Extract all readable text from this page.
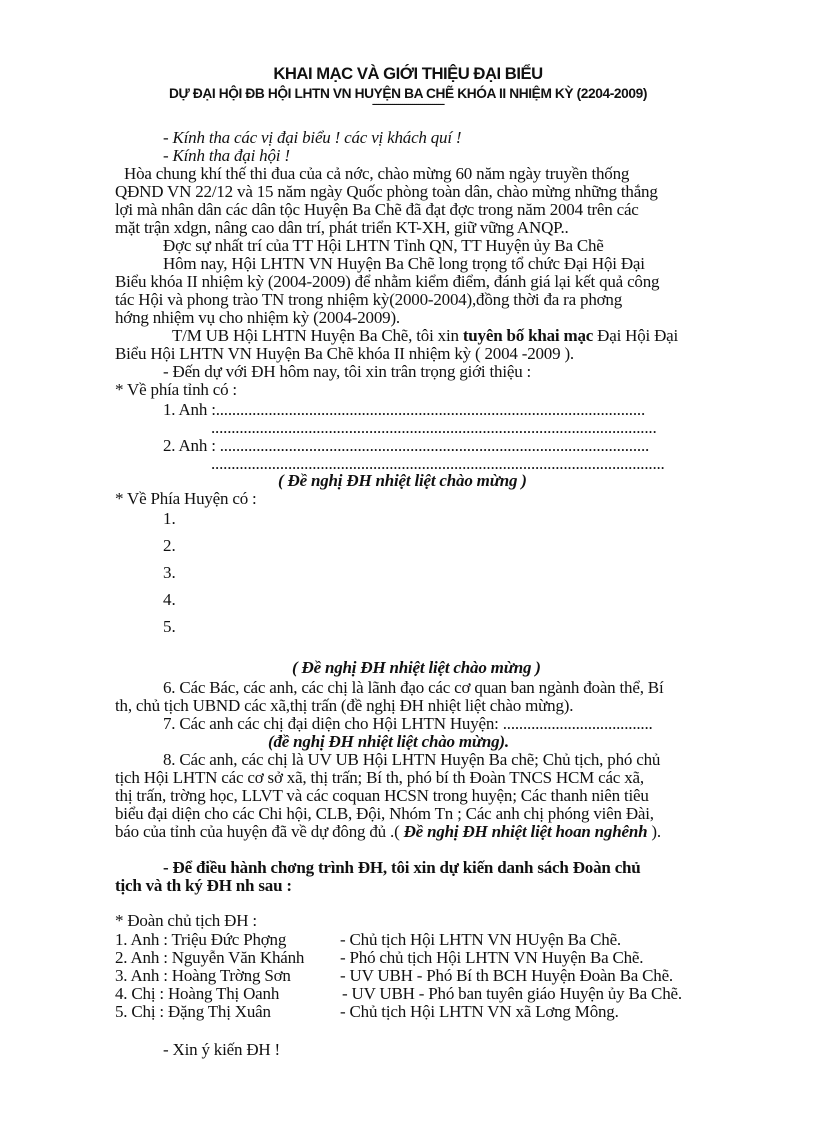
KHAI MẠC VÀ GIỚI THIỆU ĐẠI BIỂU
DỰ ĐẠI HỘI ĐB HỘI LHTN VN HUYỆN BA CHẼ KHÓA II NHIỆM KỲ (2204-2009)
------------------------------------
- Kính tha các vị đại biểu ! các vị khách quí !
- Kính tha đại hội !
Hòa chung khí thế thi đua của cả nớc, chào mừng 60 năm ngày truyền thống
QĐND VN 22/12 và 15 năm ngày Quốc phòng toàn dân, chào mừng những thắng
lợi mà nhân dân các dân tộc Huyện Ba Chẽ đã đạt đợc trong năm 2004 trên các
mặt trận xdgn, nâng cao dân trí, phát triển KT-XH, giữ vững ANQP..
Đợc sự nhất trí của TT Hội LHTN Tỉnh QN, TT Huyện ủy Ba Chẽ
Hôm nay, Hội LHTN VN Huyện Ba Chẽ long trọng tổ chức Đại Hội Đại
Biểu khóa II nhiệm kỳ (2004-2009) để nhằm kiểm điểm, đánh giá lại kết quả công
tác Hội và phong trào TN trong nhiệm kỳ(2000-2004),đồng thời đa ra phơng
hớng nhiệm vụ cho nhiệm kỳ (2004-2009).
T/M UB Hội LHTN Huyện Ba Chẽ, tôi xin tuyên bố khai mạc Đại Hội Đại
Biểu Hội LHTN VN Huyện Ba Chẽ khóa II nhiệm kỳ ( 2004 -2009 ).
- Đến dự với ĐH hôm nay, tôi xin trân trọng giới thiệu :
* Về phía tỉnh có :
1. Anh :..........................................................................................................
..............................................................................................................
2. Anh : ..........................................................................................................
................................................................................................................
( Đề nghị ĐH nhiệt liệt chào mừng )
* Về Phía Huyện có :
1.
2.
3.
4.
5.
( Đề nghị ĐH nhiệt liệt chào mừng )
6. Các Bác, các anh, các chị là lãnh đạo các cơ quan ban ngành đoàn thể, Bí
th, chủ tịch UBND các xã,thị trấn (đề nghị ĐH nhiệt liệt chào mừng).
7. Các anh các chị đại diện cho Hội LHTN Huyện: .....................................
(đề nghị ĐH nhiệt liệt chào mừng).
8. Các anh, các chị là UV UB Hội LHTN Huyện Ba chẽ; Chủ tịch, phó chủ
tịch Hội LHTN các cơ sở xã, thị trấn; Bí th, phó bí th Đoàn TNCS HCM các xã,
thị trấn, trờng học, LLVT và các coquan HCSN trong huyện; Các thanh niên tiêu
biểu đại diện cho các Chi hội, CLB, Đội, Nhóm Tn ; Các anh chị phóng viên Đài,
báo của tỉnh của huyện đã về dự đông đủ .( Đề nghị ĐH nhiệt liệt hoan nghênh ).
- Để điều hành chơng trình ĐH, tôi xin dự kiến danh sách Đoàn chủ
tịch và th ký ĐH nh sau :
* Đoàn chủ tịch ĐH :
1. Anh : Triệu Đức Phợng	- Chủ tịch Hội LHTN VN HUyện Ba Chẽ.
2. Anh : Nguyễn Văn Khánh - Phó chủ tịch Hội LHTN VN Huyện Ba Chẽ.
3. Anh : Hoàng Trờng Sơn	- UV UBH - Phó Bí th BCH Huyện Đoàn Ba Chẽ.
4. Chị : Hoàng Thị Oanh	- UV UBH - Phó ban tuyên giáo Huyện ủy Ba Chẽ.
5. Chị : Đặng Thị Xuân	- Chủ tịch Hội LHTN VN xã Lơng Mông.
- Xin ý kiến ĐH !
